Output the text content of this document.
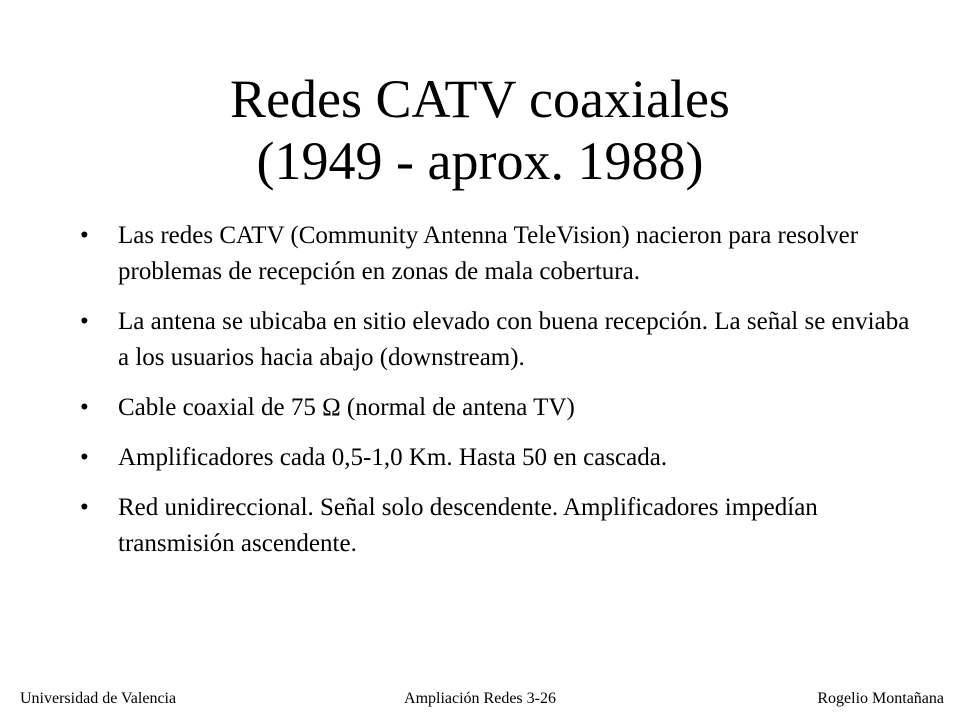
Redes CATV coaxiales
(1949 - aprox. 1988)
• Las redes CATV (Community Antenna TeleVision) nacieron para resolver problemas de recepción en zonas de mala cobertura.
• La antena se ubicaba en sitio elevado con buena recepción. La señal se enviaba a los usuarios hacia abajo (downstream).
• Cable coaxial de 75 Ω (normal de antena TV)
• Amplificadores cada 0,5-1,0 Km. Hasta 50 en cascada.
• Red unidireccional. Señal solo descendente. Amplificadores impedían transmisión ascendente.
Universidad de Valencia	Ampliación Redes 3-26	Rogelio Montañana
